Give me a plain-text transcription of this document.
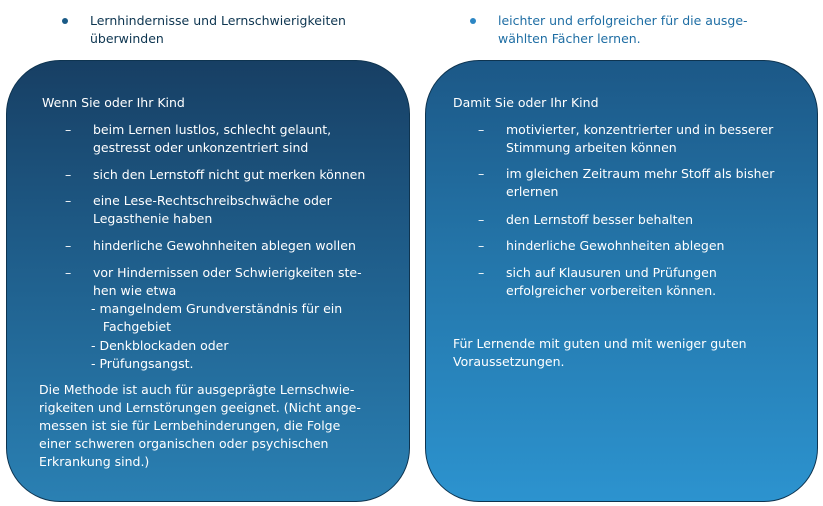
Lernhindernisse und Lernschwierigkeiten
überwinden
leichter und erfolgreicher für die ausge-
wählten Fächer lernen.
Wenn Sie oder Ihr Kind
–	beim Lernen lustlos, schlecht gelaunt,
gestresst oder unkonzentriert sind
–	sich den Lernstoff nicht gut merken können
–	eine Lese-Rechtschreibschwäche oder
Legasthenie haben
–	hinderliche Gewohnheiten ablegen wollen
–	vor Hindernissen oder Schwierigkeiten ste-
hen wie etwa
- mangelndem Grundverständnis für ein
Fachgebiet
- Denkblockaden oder
- Prüfungsangst.
Die Methode ist auch für ausgeprägte Lernschwie-
rigkeiten und Lernstörungen geeignet. (Nicht ange-
messen ist sie für Lernbehinderungen, die Folge
einer schweren organischen oder psychischen
Erkrankung sind.)
Damit Sie oder Ihr Kind
–	motivierter, konzentrierter und in besserer
Stimmung arbeiten können
–	im gleichen Zeitraum mehr Stoff als bisher
erlernen
–	den Lernstoff besser behalten
–	hinderliche Gewohnheiten ablegen
–	sich auf Klausuren und Prüfungen
erfolgreicher vorbereiten können.
Für Lernende mit guten und mit weniger guten
Voraussetzungen.
